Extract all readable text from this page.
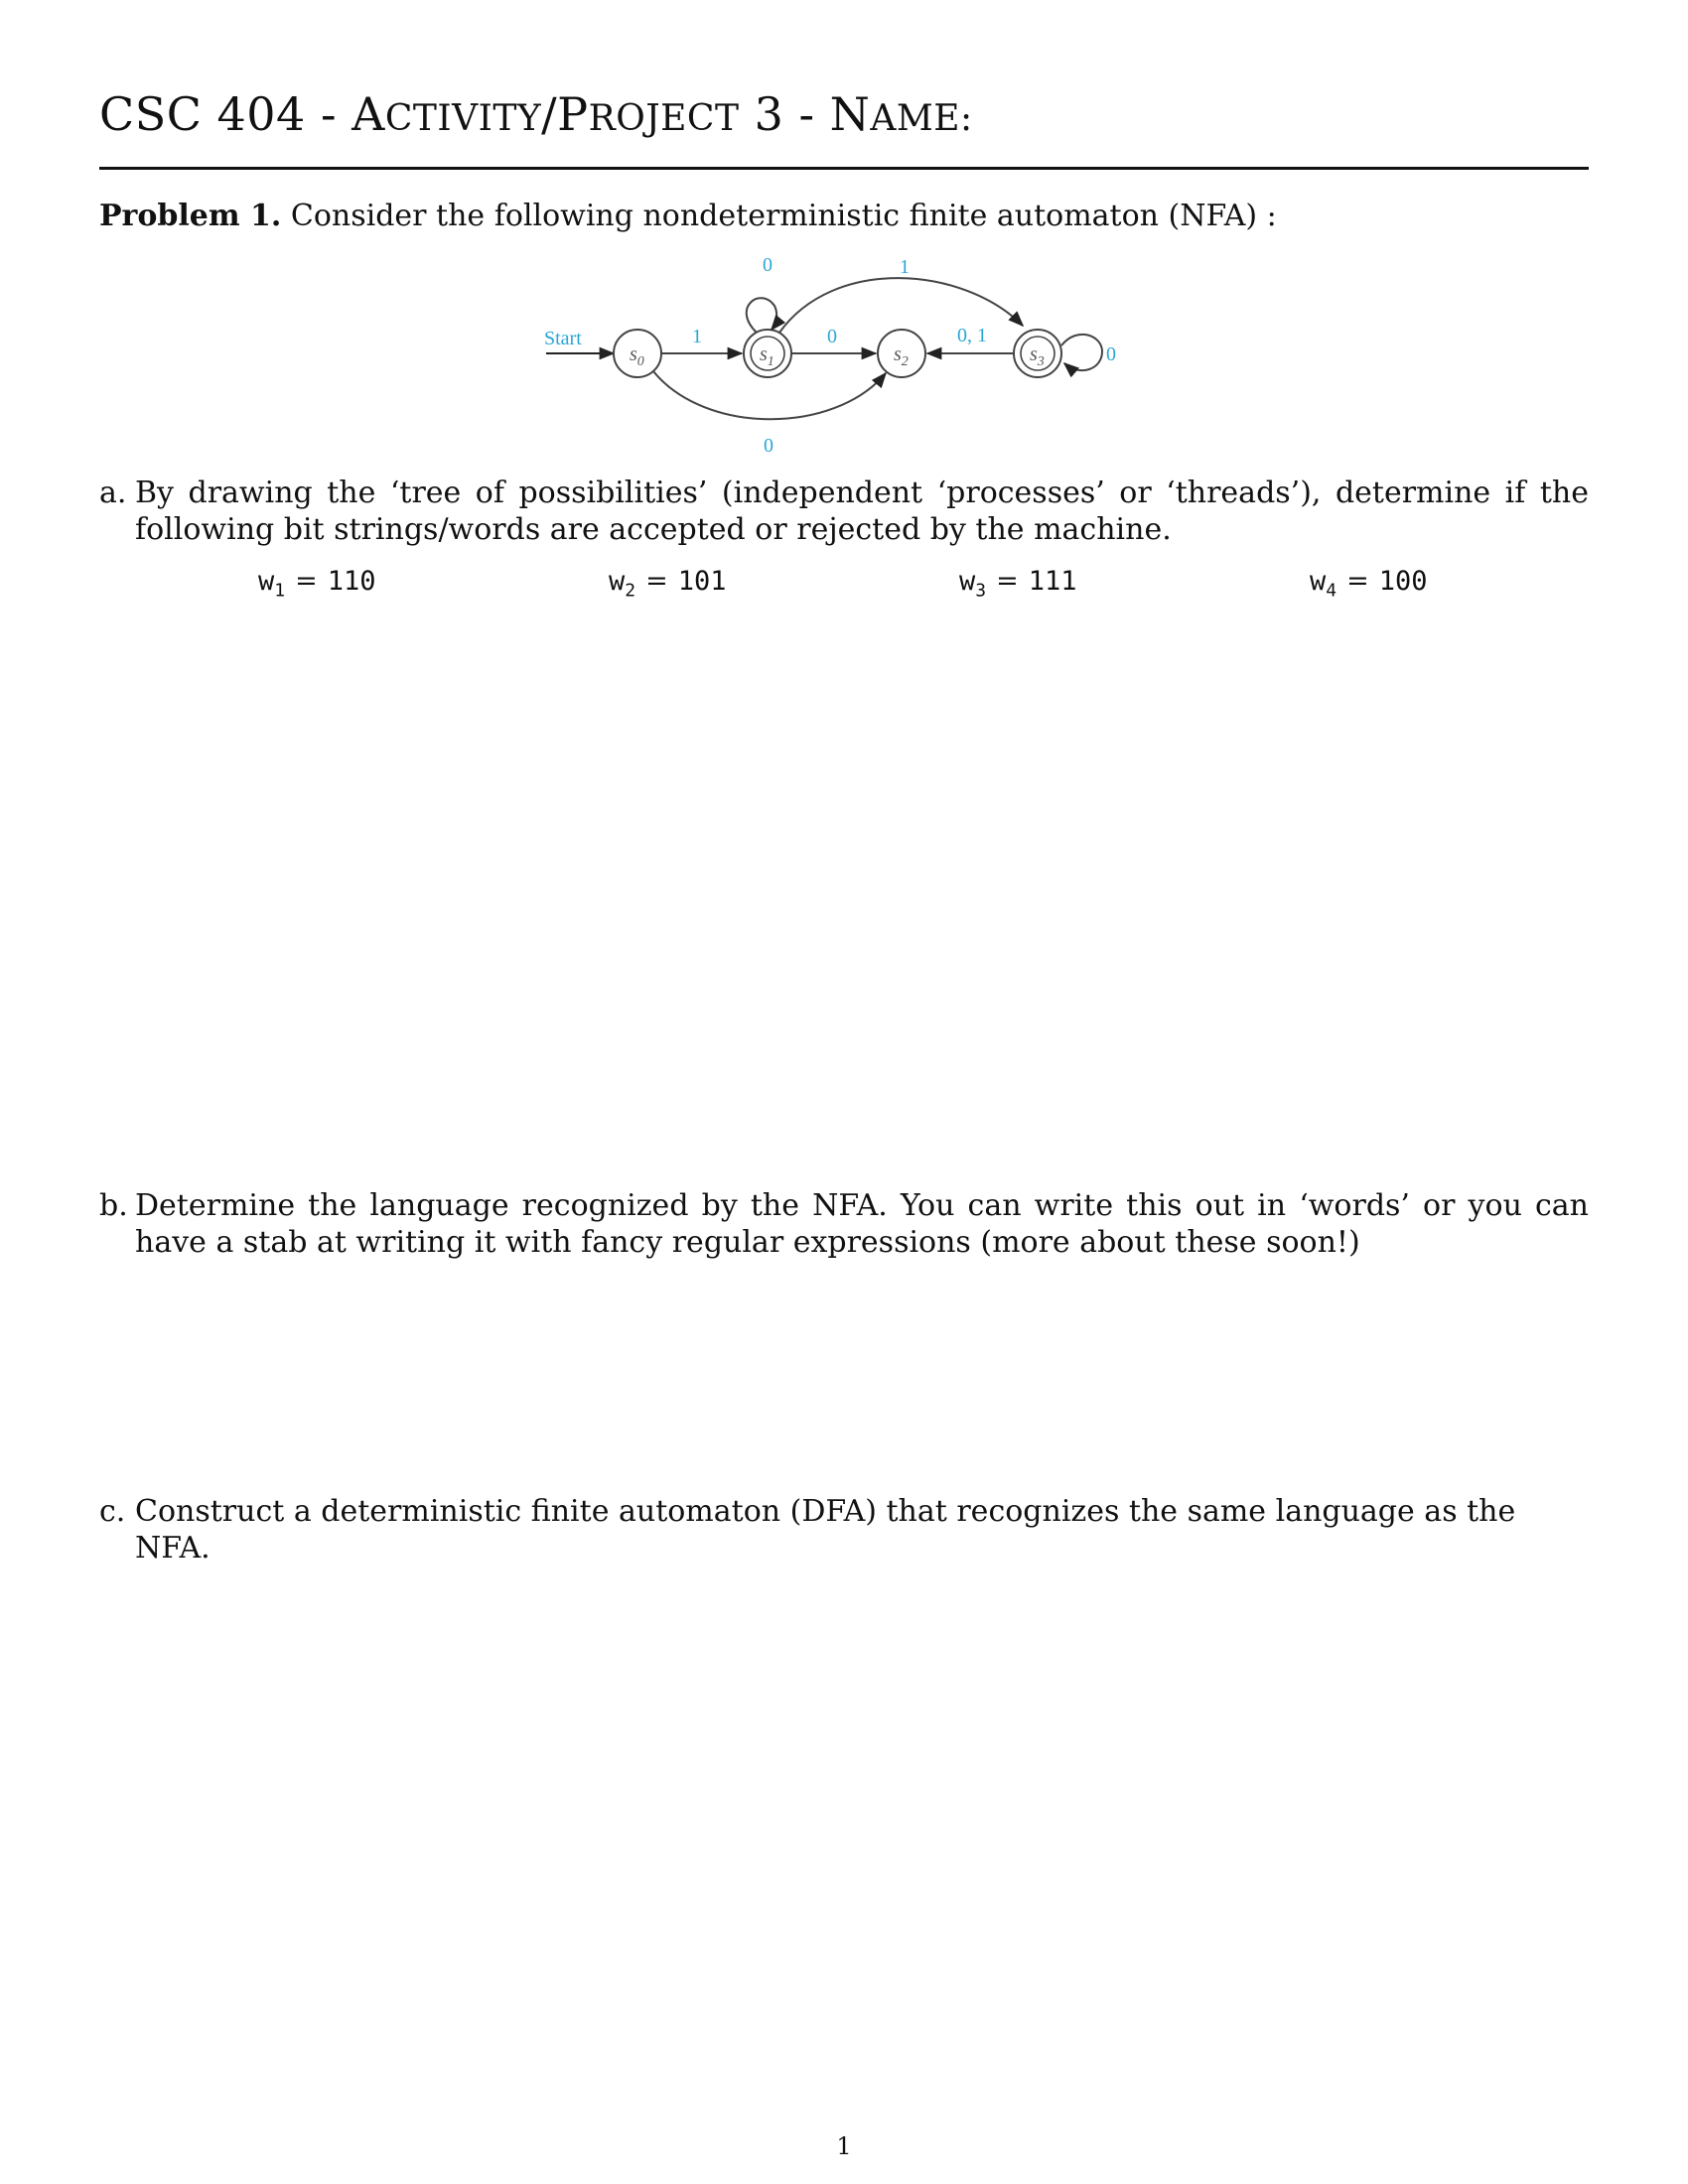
CSC 404 - ACTIVITY/PROJECT 3 - NAME:
Problem 1. Consider the following nondeterministic finite automaton (NFA) :
Start
$s_0$	$s_1$	$s_2$	$s_3$
1
0
0
1
0
0, 1
0
a. By drawing the ‘tree of possibilities’ (independent ‘processes’ or ‘threads’), determine if the following bit strings/words are accepted or rejected by the machine.
$w_1 = 110$	$w_2 = 101$	$w_3 = 111$	$w_4 = 100$
b. Determine the language recognized by the NFA. You can write this out in ‘words’ or you can have a stab at writing it with fancy regular expressions (more about these soon!)
c. Construct a deterministic finite automaton (DFA) that recognizes the same language as the NFA.
1
